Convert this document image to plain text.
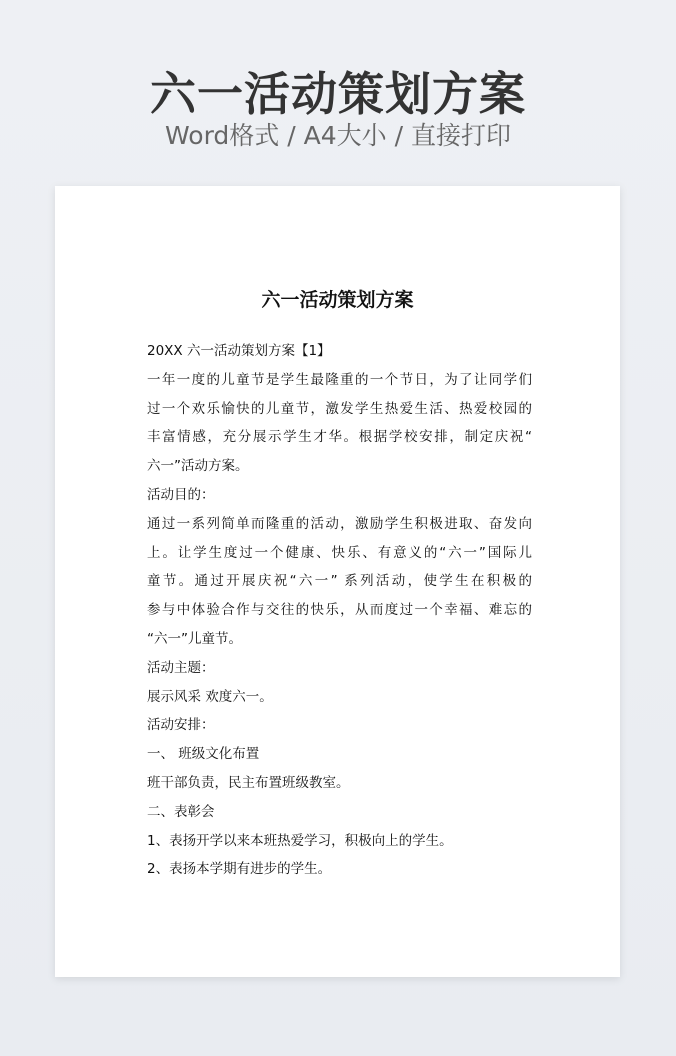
六一活动策划方案
Word格式 / A4大小 / 直接打印
六一活动策划方案
20XX 六一活动策划方案【1】
一年一度的儿童节是学生最隆重的一个节日，为了让同学们
过一个欢乐愉快的儿童节，激发学生热爱生活、热爱校园的
丰富情感，充分展示学生才华。根据学校安排，制定庆祝“
六一”活动方案。
活动目的：
通过一系列简单而隆重的活动，激励学生积极进取、奋发向
上。让学生度过一个健康、快乐、有意义的“六一”国际儿
童节。通过开展庆祝“六一” 系列活动，使学生在积极的
参与中体验合作与交往的快乐，从而度过一个幸福、难忘的
“六一”儿童节。
活动主题：
展示风采 欢度六一。
活动安排：
一、 班级文化布置
班干部负责，民主布置班级教室。
二、表彰会
1、表扬开学以来本班热爱学习，积极向上的学生。
2、表扬本学期有进步的学生。
